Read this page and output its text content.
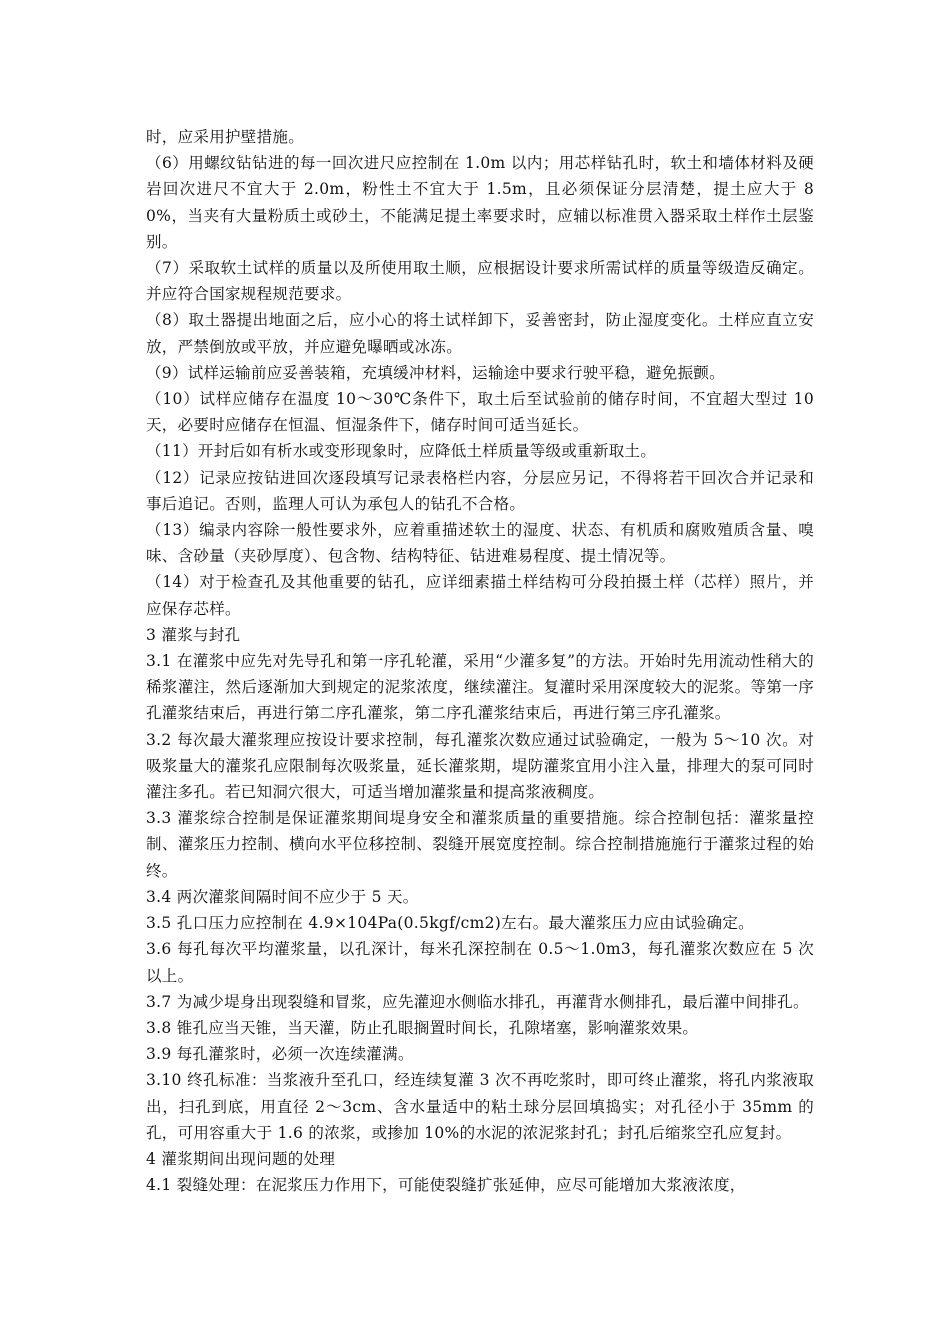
时，应采用护壁措施。

（6）用螺纹钻钻进的每一回次进尺应控制在 1.0m 以内；用芯样钻孔时，软土和墙体材料及硬岩回次进尺不宜大于 2.0m，粉性土不宜大于 1.5m，且必须保证分层清楚，提土应大于 80%，当夹有大量粉质土或砂土，不能满足提土率要求时，应辅以标准贯入器采取土样作土层鉴别。

（7）采取软土试样的质量以及所使用取土顺，应根据设计要求所需试样的质量等级造反确定。并应符合国家规程规范要求。

（8）取土器提出地面之后，应小心的将土试样卸下，妥善密封，防止湿度变化。土样应直立安放，严禁倒放或平放，并应避免曝晒或冰冻。

（9）试样运输前应妥善装箱，充填缓冲材料，运输途中要求行驶平稳，避免振颤。

（10）试样应储存在温度 10～30℃条件下，取土后至试验前的储存时间，不宜超大型过 10 天，必要时应储存在恒温、恒湿条件下，储存时间可适当延长。

（11）开封后如有析水或变形现象时，应降低土样质量等级或重新取土。

（12）记录应按钻进回次逐段填写记录表格栏内容，分层应另记，不得将若干回次合并记录和事后追记。否则，监理人可认为承包人的钻孔不合格。

（13）编录内容除一般性要求外，应着重描述软土的湿度、状态、有机质和腐败殖质含量、嗅味、含砂量（夹砂厚度）、包含物、结构特征、钻进难易程度、提土情况等。

（14）对于检查孔及其他重要的钻孔，应详细素描土样结构可分段拍摄土样（芯样）照片，并应保存芯样。

3 灌浆与封孔

3.1 在灌浆中应先对先导孔和第一序孔轮灌，采用“少灌多复”的方法。开始时先用流动性稍大的稀浆灌注，然后逐渐加大到规定的泥浆浓度，继续灌注。复灌时采用深度较大的泥浆。等第一序孔灌浆结束后，再进行第二序孔灌浆，第二序孔灌浆结束后，再进行第三序孔灌浆。

3.2 每次最大灌浆理应按设计要求控制，每孔灌浆次数应通过试验确定，一般为 5～10 次。对吸浆量大的灌浆孔应限制每次吸浆量，延长灌浆期，堤防灌浆宜用小注入量，排理大的泵可同时灌注多孔。若已知洞穴很大，可适当增加灌浆量和提高浆液稠度。

3.3 灌浆综合控制是保证灌浆期间堤身安全和灌浆质量的重要措施。综合控制包括：灌浆量控制、灌浆压力控制、横向水平位移控制、裂缝开展宽度控制。综合控制措施施行于灌浆过程的始终。

3.4 两次灌浆间隔时间不应少于 5 天。

3.5 孔口压力应控制在 4.9×104Pa(0.5kgf/cm2)左右。最大灌浆压力应由试验确定。

3.6 每孔每次平均灌浆量，以孔深计，每米孔深控制在 0.5～1.0m3，每孔灌浆次数应在 5 次以上。

3.7 为减少堤身出现裂缝和冒浆，应先灌迎水侧临水排孔，再灌背水侧排孔，最后灌中间排孔。

3.8 锥孔应当天锥，当天灌，防止孔眼搁置时间长，孔隙堵塞，影响灌浆效果。

3.9 每孔灌浆时，必须一次连续灌满。

3.10 终孔标准：当浆液升至孔口，经连续复灌 3 次不再吃浆时，即可终止灌浆，将孔内浆液取出，扫孔到底，用直径 2～3cm、含水量适中的粘土球分层回填捣实；对孔径小于 35mm 的孔，可用容重大于 1.6 的浓浆，或掺加 10%的水泥的浓泥浆封孔；封孔后缩浆空孔应复封。

4 灌浆期间出现问题的处理

4.1 裂缝处理：在泥浆压力作用下，可能使裂缝扩张延伸，应尽可能增加大浆液浓度，
